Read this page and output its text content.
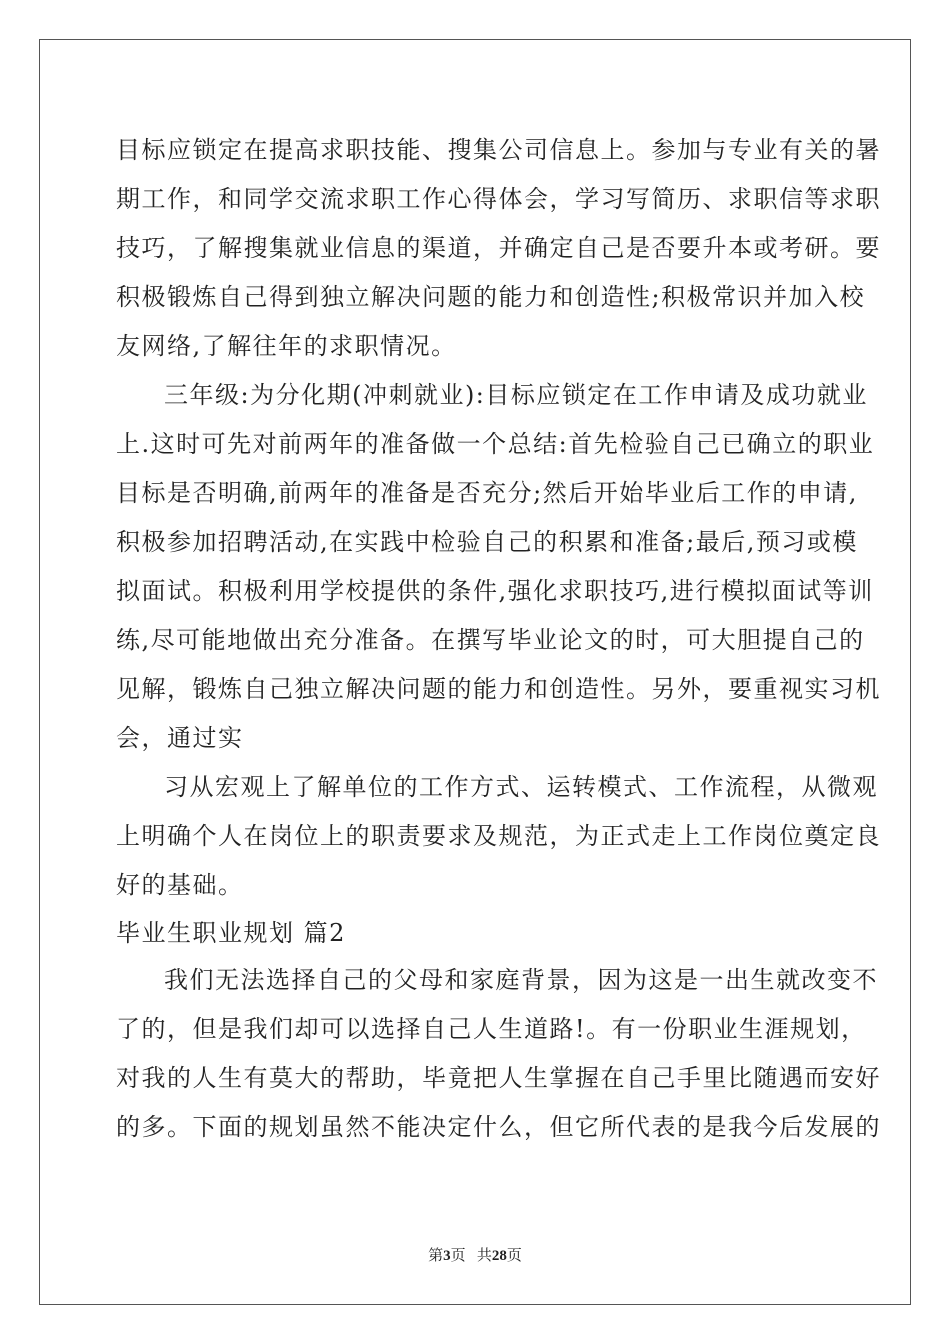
目标应锁定在提高求职技能、搜集公司信息上。参加与专业有关的暑
期工作，和同学交流求职工作心得体会，学习写简历、求职信等求职
技巧，了解搜集就业信息的渠道，并确定自己是否要升本或考研。要
积极锻炼自己得到独立解决问题的能力和创造性;积极常识并加入校
友网络,了解往年的求职情况。
三年级:为分化期(冲刺就业):目标应锁定在工作申请及成功就业
上.这时可先对前两年的准备做一个总结:首先检验自己已确立的职业
目标是否明确,前两年的准备是否充分;然后开始毕业后工作的申请,
积极参加招聘活动,在实践中检验自己的积累和准备;最后,预习或模
拟面试。积极利用学校提供的条件,强化求职技巧,进行模拟面试等训
练,尽可能地做出充分准备。在撰写毕业论文的时，可大胆提自己的
见解，锻炼自己独立解决问题的能力和创造性。另外，要重视实习机
会，通过实
习从宏观上了解单位的工作方式、运转模式、工作流程，从微观
上明确个人在岗位上的职责要求及规范，为正式走上工作岗位奠定良
好的基础。
毕业生职业规划 篇2
我们无法选择自己的父母和家庭背景，因为这是一出生就改变不
了的，但是我们却可以选择自己人生道路!。有一份职业生涯规划，
对我的人生有莫大的帮助，毕竟把人生掌握在自己手里比随遇而安好
的多。下面的规划虽然不能决定什么，但它所代表的是我今后发展的
第3页 共28页
